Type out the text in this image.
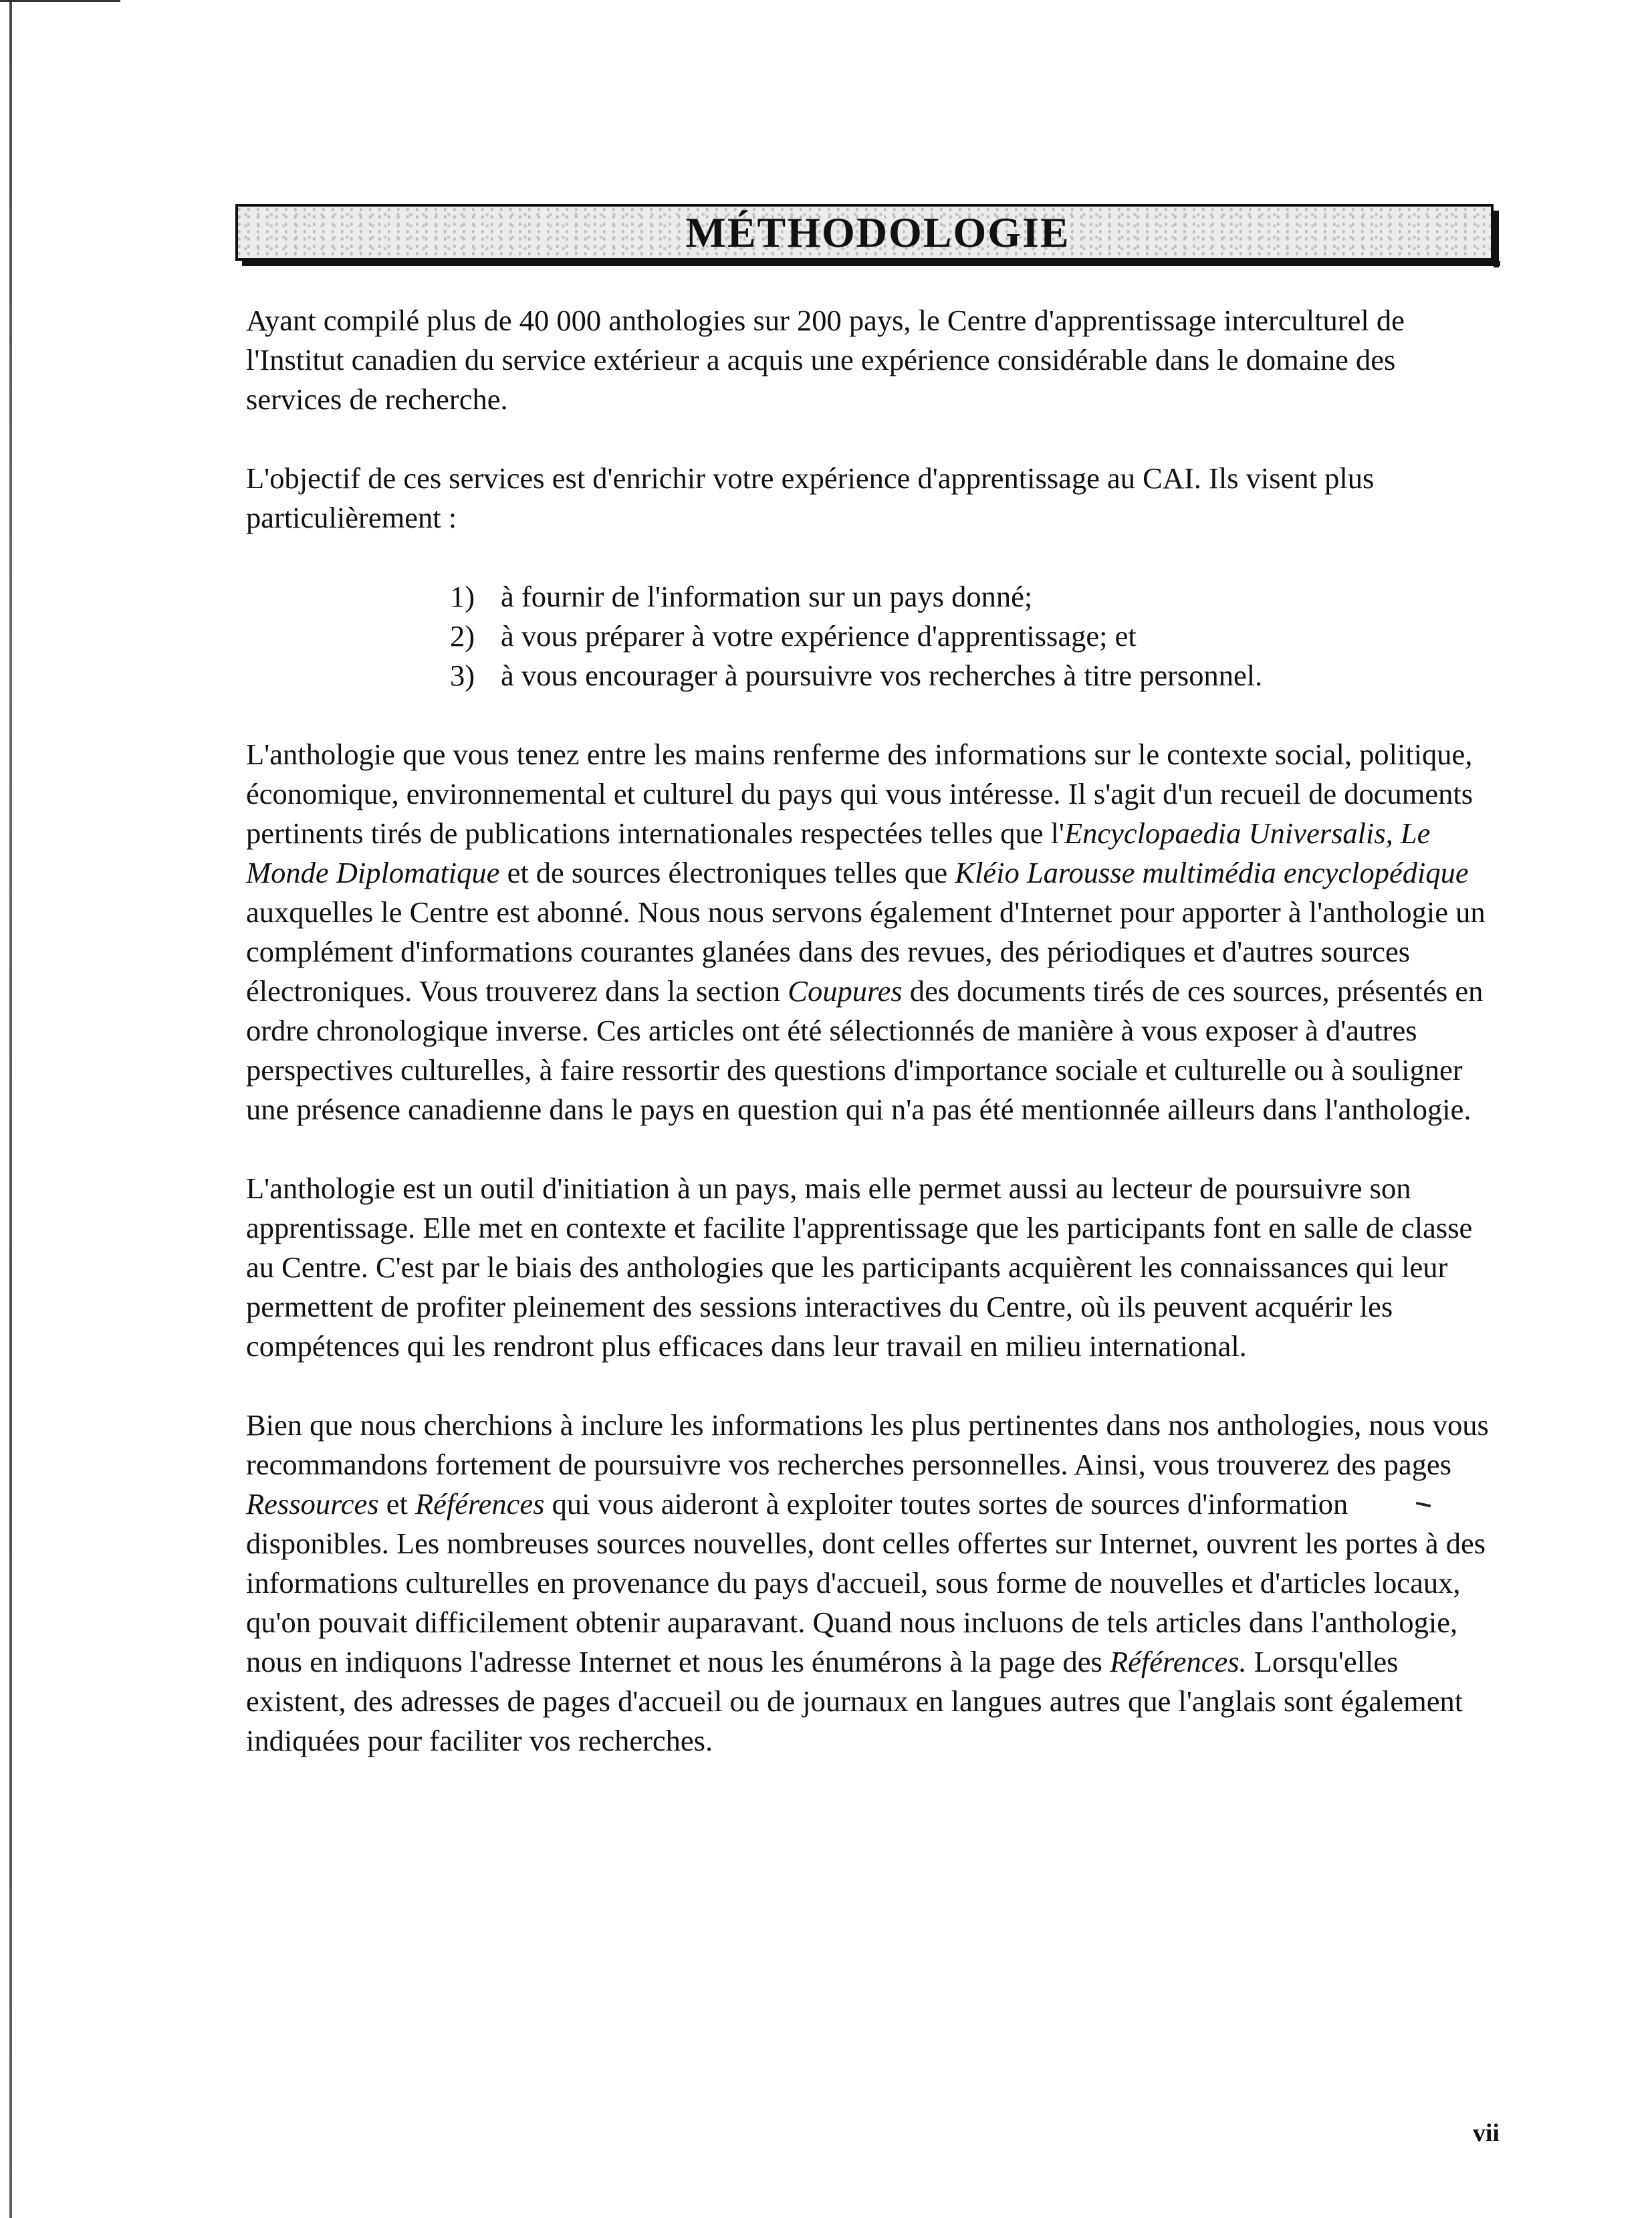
MÉTHODOLOGIE

Ayant compilé plus de 40 000 anthologies sur 200 pays, le Centre d'apprentissage interculturel de l'Institut canadien du service extérieur a acquis une expérience considérable dans le domaine des services de recherche.

L'objectif de ces services est d'enrichir votre expérience d'apprentissage au CAI. Ils visent plus particulièrement :

1) à fournir de l'information sur un pays donné;
2) à vous préparer à votre expérience d'apprentissage; et
3) à vous encourager à poursuivre vos recherches à titre personnel.

L'anthologie que vous tenez entre les mains renferme des informations sur le contexte social, politique, économique, environnemental et culturel du pays qui vous intéresse. Il s'agit d'un recueil de documents pertinents tirés de publications internationales respectées telles que l'Encyclopaedia Universalis, Le Monde Diplomatique et de sources électroniques telles que Kléio Larousse multimédia encyclopédique auxquelles le Centre est abonné. Nous nous servons également d'Internet pour apporter à l'anthologie un complément d'informations courantes glanées dans des revues, des périodiques et d'autres sources électroniques. Vous trouverez dans la section Coupures des documents tirés de ces sources, présentés en ordre chronologique inverse. Ces articles ont été sélectionnés de manière à vous exposer à d'autres perspectives culturelles, à faire ressortir des questions d'importance sociale et culturelle ou à souligner une présence canadienne dans le pays en question qui n'a pas été mentionnée ailleurs dans l'anthologie.

L'anthologie est un outil d'initiation à un pays, mais elle permet aussi au lecteur de poursuivre son apprentissage. Elle met en contexte et facilite l'apprentissage que les participants font en salle de classe au Centre. C'est par le biais des anthologies que les participants acquièrent les connaissances qui leur permettent de profiter pleinement des sessions interactives du Centre, où ils peuvent acquérir les compétences qui les rendront plus efficaces dans leur travail en milieu international.

Bien que nous cherchions à inclure les informations les plus pertinentes dans nos anthologies, nous vous recommandons fortement de poursuivre vos recherches personnelles. Ainsi, vous trouverez des pages Ressources et Références qui vous aideront à exploiter toutes sortes de sources d'information disponibles. Les nombreuses sources nouvelles, dont celles offertes sur Internet, ouvrent les portes à des informations culturelles en provenance du pays d'accueil, sous forme de nouvelles et d'articles locaux, qu'on pouvait difficilement obtenir auparavant. Quand nous incluons de tels articles dans l'anthologie, nous en indiquons l'adresse Internet et nous les énumérons à la page des Références. Lorsqu'elles existent, des adresses de pages d'accueil ou de journaux en langues autres que l'anglais sont également indiquées pour faciliter vos recherches.

vii
